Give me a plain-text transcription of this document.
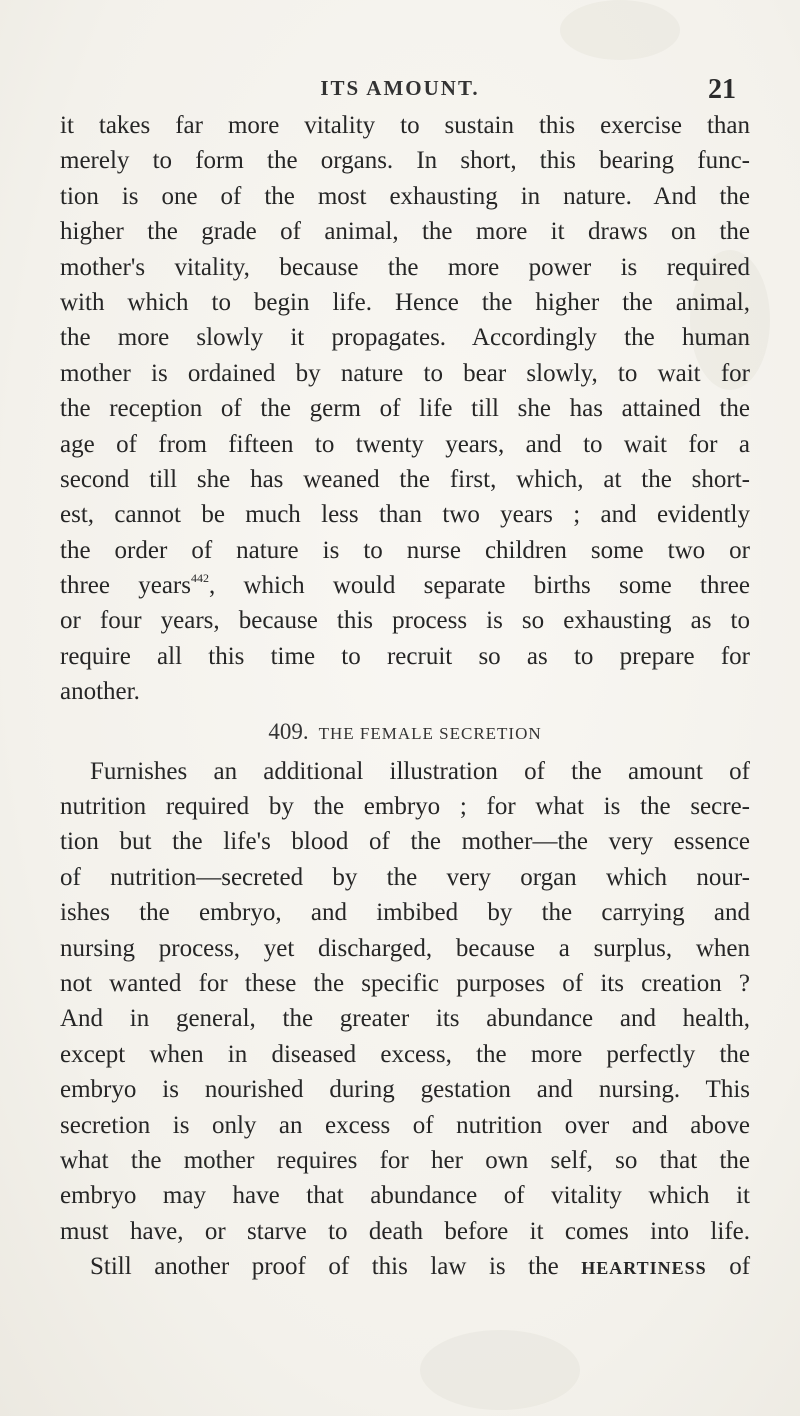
ITS AMOUNT.	21
it takes far more vitality to sustain this exercise than
merely to form the organs. In short, this bearing func-
tion is one of the most exhausting in nature. And the
higher the grade of animal, the more it draws on the
mother's vitality, because the more power is required
with which to begin life. Hence the higher the animal,
the more slowly it propagates. Accordingly the human
mother is ordained by nature to bear slowly, to wait for
the reception of the germ of life till she has attained the
age of from fifteen to twenty years, and to wait for a
second till she has weaned the first, which, at the short-
est, cannot be much less than two years ; and evidently
the order of nature is to nurse children some two or
three years$^{442}$, which would separate births some three
or four years, because this process is so exhausting as to
require all this time to recruit so as to prepare for
another.
409. THE FEMALE SECRETION
Furnishes an additional illustration of the amount of
nutrition required by the embryo ; for what is the secre-
tion but the life's blood of the mother—the very essence
of nutrition—secreted by the very organ which nour-
ishes the embryo, and imbibed by the carrying and
nursing process, yet discharged, because a surplus, when
not wanted for these the specific purposes of its creation ?
And in general, the greater its abundance and health,
except when in diseased excess, the more perfectly the
embryo is nourished during gestation and nursing. This
secretion is only an excess of nutrition over and above
what the mother requires for her own self, so that the
embryo may have that abundance of vitality which it
must have, or starve to death before it comes into life.
Still another proof of this law is the HEARTINESS of
